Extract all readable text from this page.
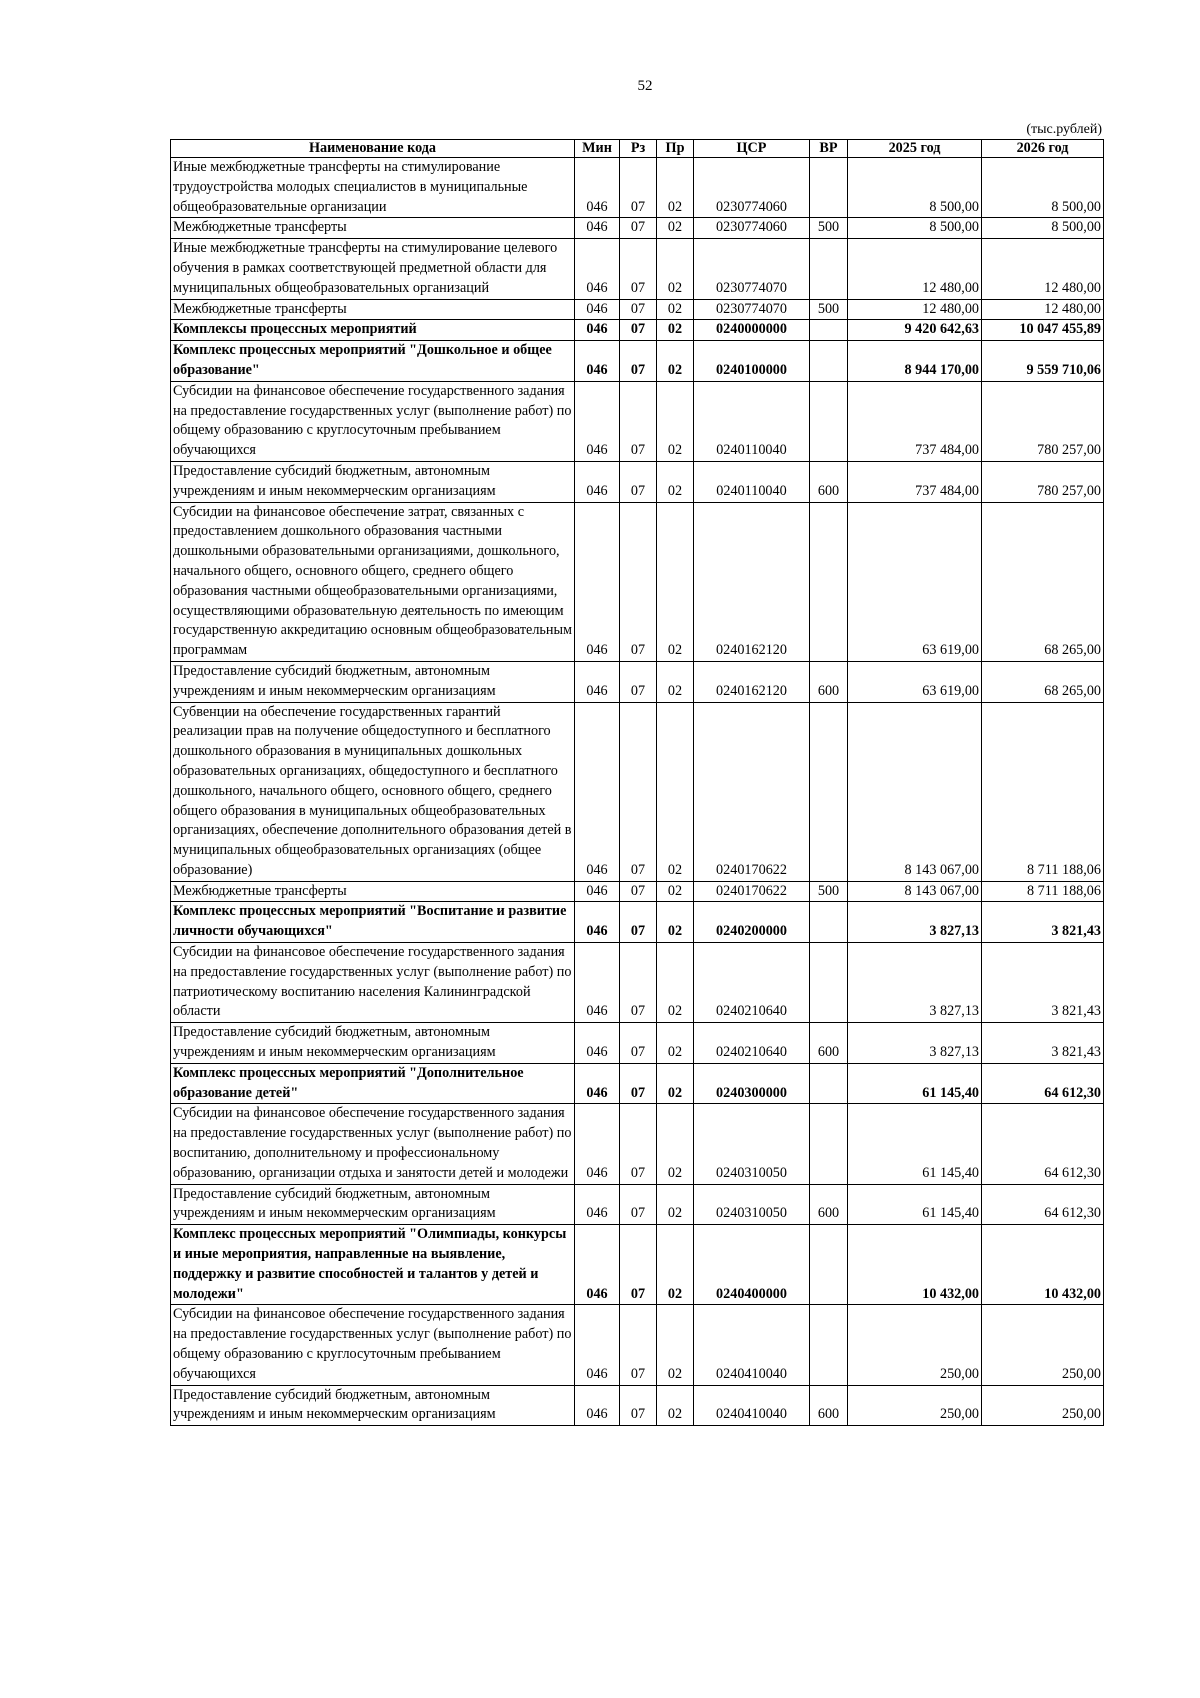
52
(тыс.рублей)
Наименование кода	Мин	Рз	Пр	ЦСР	ВР	2025 год	2026 год
Иные межбюджетные трансферты на стимулирование трудоустройства молодых специалистов в муниципальные общеобразовательные организации	046	07	02	0230774060		8 500,00	8 500,00
Межбюджетные трансферты	046	07	02	0230774060	500	8 500,00	8 500,00
Иные межбюджетные трансферты на стимулирование целевого обучения в рамках соответствующей предметной области для муниципальных общеобразовательных организаций	046	07	02	0230774070		12 480,00	12 480,00
Межбюджетные трансферты	046	07	02	0230774070	500	12 480,00	12 480,00
Комплексы процессных мероприятий	046	07	02	0240000000		9 420 642,63	10 047 455,89
Комплекс процессных мероприятий "Дошкольное и общее образование"	046	07	02	0240100000		8 944 170,00	9 559 710,06
Субсидии на финансовое обеспечение государственного задания на предоставление государственных услуг (выполнение работ) по общему образованию с круглосуточным пребыванием обучающихся	046	07	02	0240110040		737 484,00	780 257,00
Предоставление субсидий бюджетным, автономным учреждениям и иным некоммерческим организациям	046	07	02	0240110040	600	737 484,00	780 257,00
Субсидии на финансовое обеспечение затрат, связанных с предоставлением дошкольного образования частными дошкольными образовательными организациями, дошкольного, начального общего, основного общего, среднего общего образования частными общеобразовательными организациями, осуществляющими образовательную деятельность по имеющим государственную аккредитацию основным общеобразовательным программам	046	07	02	0240162120		63 619,00	68 265,00
Предоставление субсидий бюджетным, автономным учреждениям и иным некоммерческим организациям	046	07	02	0240162120	600	63 619,00	68 265,00
Субвенции на обеспечение государственных гарантий реализации прав на получение общедоступного и бесплатного дошкольного образования в муниципальных дошкольных образовательных организациях, общедоступного и бесплатного дошкольного, начального общего, основного общего, среднего общего образования в муниципальных общеобразовательных организациях, обеспечение дополнительного образования детей в муниципальных общеобразовательных организациях (общее образование)	046	07	02	0240170622		8 143 067,00	8 711 188,06
Межбюджетные трансферты	046	07	02	0240170622	500	8 143 067,00	8 711 188,06
Комплекс процессных мероприятий "Воспитание и развитие личности обучающихся"	046	07	02	0240200000		3 827,13	3 821,43
Субсидии на финансовое обеспечение государственного задания на предоставление государственных услуг (выполнение работ) по патриотическому воспитанию населения Калининградской области	046	07	02	0240210640		3 827,13	3 821,43
Предоставление субсидий бюджетным, автономным учреждениям и иным некоммерческим организациям	046	07	02	0240210640	600	3 827,13	3 821,43
Комплекс процессных мероприятий "Дополнительное образование детей"	046	07	02	0240300000		61 145,40	64 612,30
Субсидии на финансовое обеспечение государственного задания на предоставление государственных услуг (выполнение работ) по воспитанию, дополнительному и профессиональному образованию, организации отдыха и занятости детей и молодежи	046	07	02	0240310050		61 145,40	64 612,30
Предоставление субсидий бюджетным, автономным учреждениям и иным некоммерческим организациям	046	07	02	0240310050	600	61 145,40	64 612,30
Комплекс процессных мероприятий "Олимпиады, конкурсы и иные мероприятия, направленные на выявление, поддержку и развитие способностей и талантов у детей и молодежи"	046	07	02	0240400000		10 432,00	10 432,00
Субсидии на финансовое обеспечение государственного задания на предоставление государственных услуг (выполнение работ) по общему образованию с круглосуточным пребыванием обучающихся	046	07	02	0240410040		250,00	250,00
Предоставление субсидий бюджетным, автономным учреждениям и иным некоммерческим организациям	046	07	02	0240410040	600	250,00	250,00
